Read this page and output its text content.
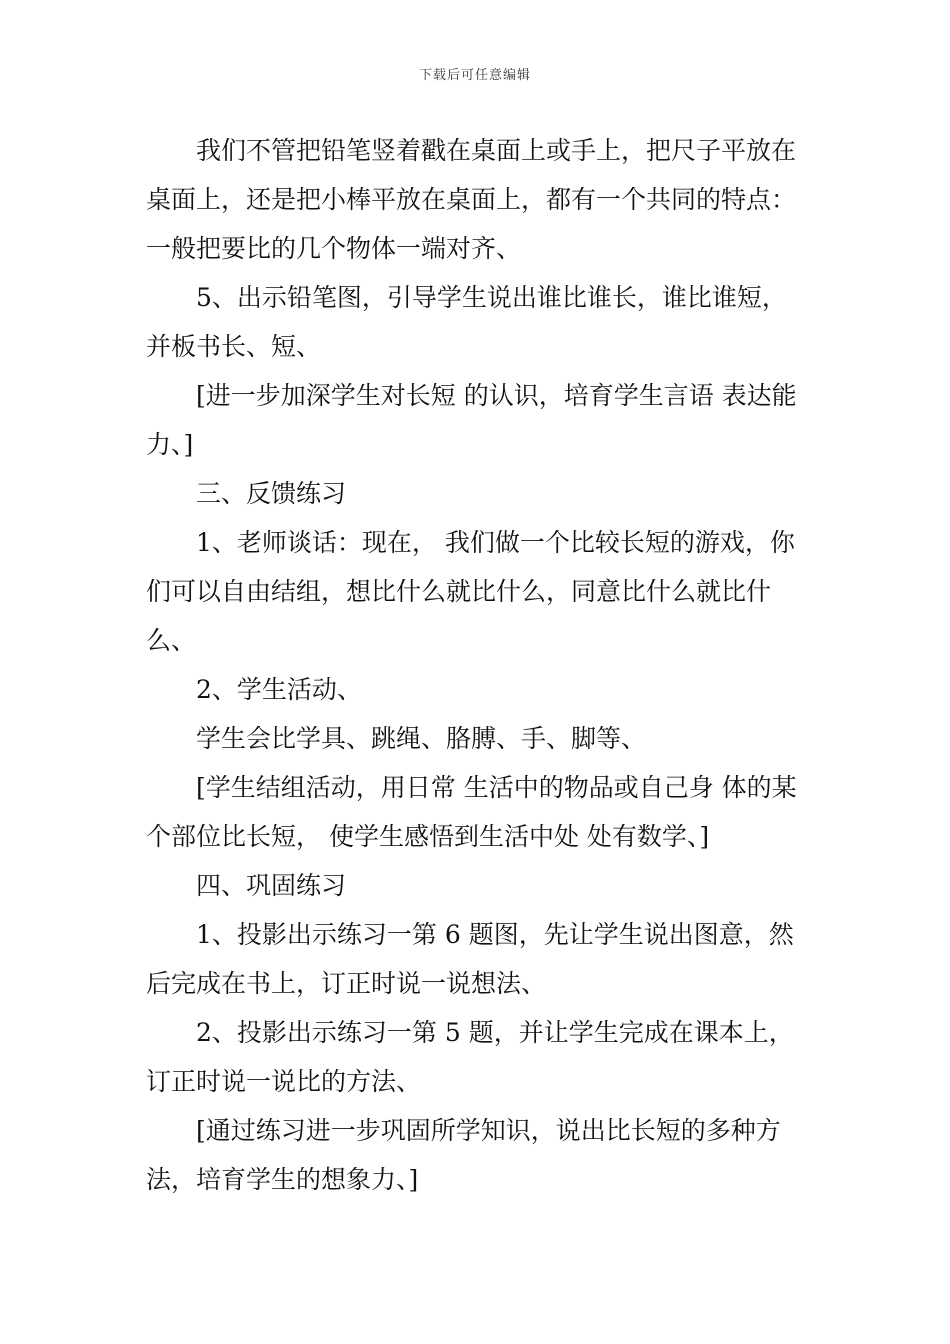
下载后可任意编辑

我们不管把铅笔竖着戳在桌面上或手上，把尺子平放在桌面上，还是把小棒平放在桌面上，都有一个共同的特点：一般把要比的几个物体一端对齐、

5、出示铅笔图，引导学生说出谁比谁长，谁比谁短，并板书长、短、

[进一步加深学生对长短 的认识，培育学生言语 表达能力、]

三、反馈练习

1、老师谈话：现在， 我们做一个比较长短的游戏，你们可以自由结组，想比什么就比什么，同意比什么就比什么、

2、学生活动、

学生会比学具、跳绳、胳膊、手、脚等、

[学生结组活动，用日常 生活中的物品或自己身 体的某个部位比长短， 使学生感悟到生活中处 处有数学、]

四、巩固练习

1、投影出示练习一第 6 题图，先让学生说出图意，然后完成在书上，订正时说一说想法、

2、投影出示练习一第 5 题，并让学生完成在课本上，订正时说一说比的方法、

[通过练习进一步巩固所学知识，说出比长短的多种方法，培育学生的想象力、]
